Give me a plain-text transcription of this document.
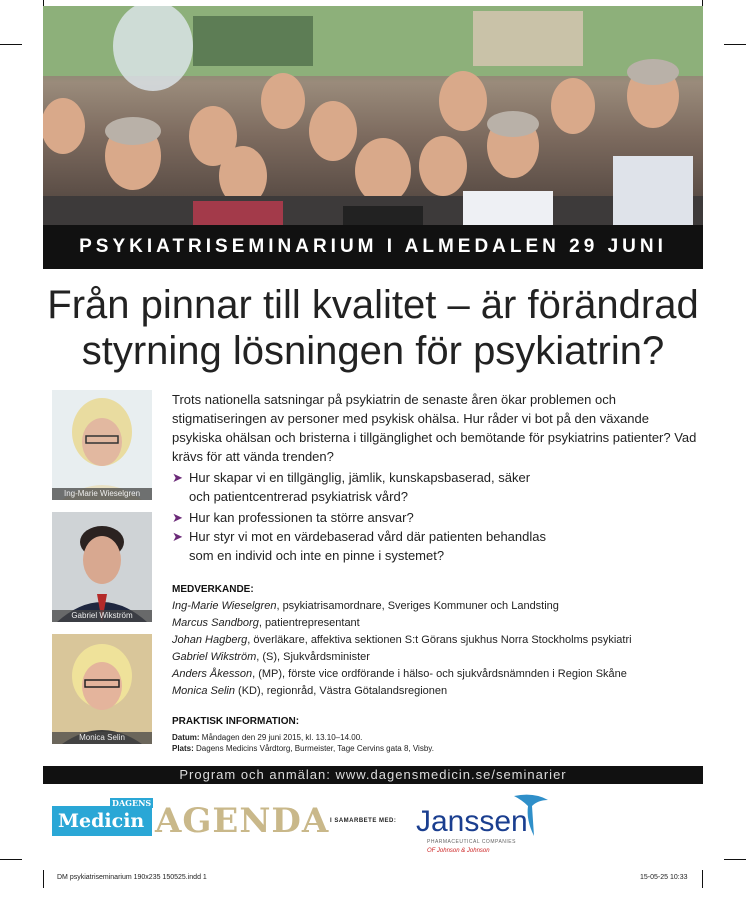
PSYKIATRISEMINARIUM I ALMEDALEN 29 JUNI
Från pinnar till kvalitet – är förändrad
styrning lösningen för psykiatrin?
Ing-Marie Wieselgren
Gabriel Wikström
Monica Selin
Trots nationella satsningar på psykiatrin de senaste åren ökar problemen och stigmatiseringen av personer med psykisk ohälsa. Hur råder vi bot på den växande psykiska ohälsan och bristerna i tillgänglighet och bemötande för psykiatrins patienter? Vad krävs för att vända trenden?
➤ Hur skapar vi en tillgänglig, jämlik, kunskapsbaserad, säker
och patientcentrerad psykiatrisk vård?
➤ Hur kan professionen ta större ansvar?
➤ Hur styr vi mot en värdebaserad vård där patienten behandlas
som en individ och inte en pinne i systemet?
MEDVERKANDE:
Ing-Marie Wieselgren, psykiatrisamordnare, Sveriges Kommuner och Landsting
Marcus Sandborg, patientrepresentant
Johan Hagberg, överläkare, affektiva sektionen S:t Görans sjukhus Norra Stockholms psykiatri
Gabriel Wikström, (S), Sjukvårdsminister
Anders Åkesson, (MP), förste vice ordförande i hälso- och sjukvårdsnämnden i Region Skåne
Monica Selin (KD), regionråd, Västra Götalandsregionen
PRAKTISK INFORMATION:
Datum: Måndagen den 29 juni 2015, kl. 13.10–14.00.
Plats: Dagens Medicins Vårdtorg, Burmeister, Tage Cervins gata 8, Visby.
Program och anmälan: www.dagensmedicin.se/seminarier
DAGENS
Medicin AGENDA I SAMARBETE MED: Janssen
PHARMACEUTICAL COMPANIES
OF Johnson & Johnson
DM psykiatriseminarium 190x235 150525.indd 1	15-05-25 10:33
